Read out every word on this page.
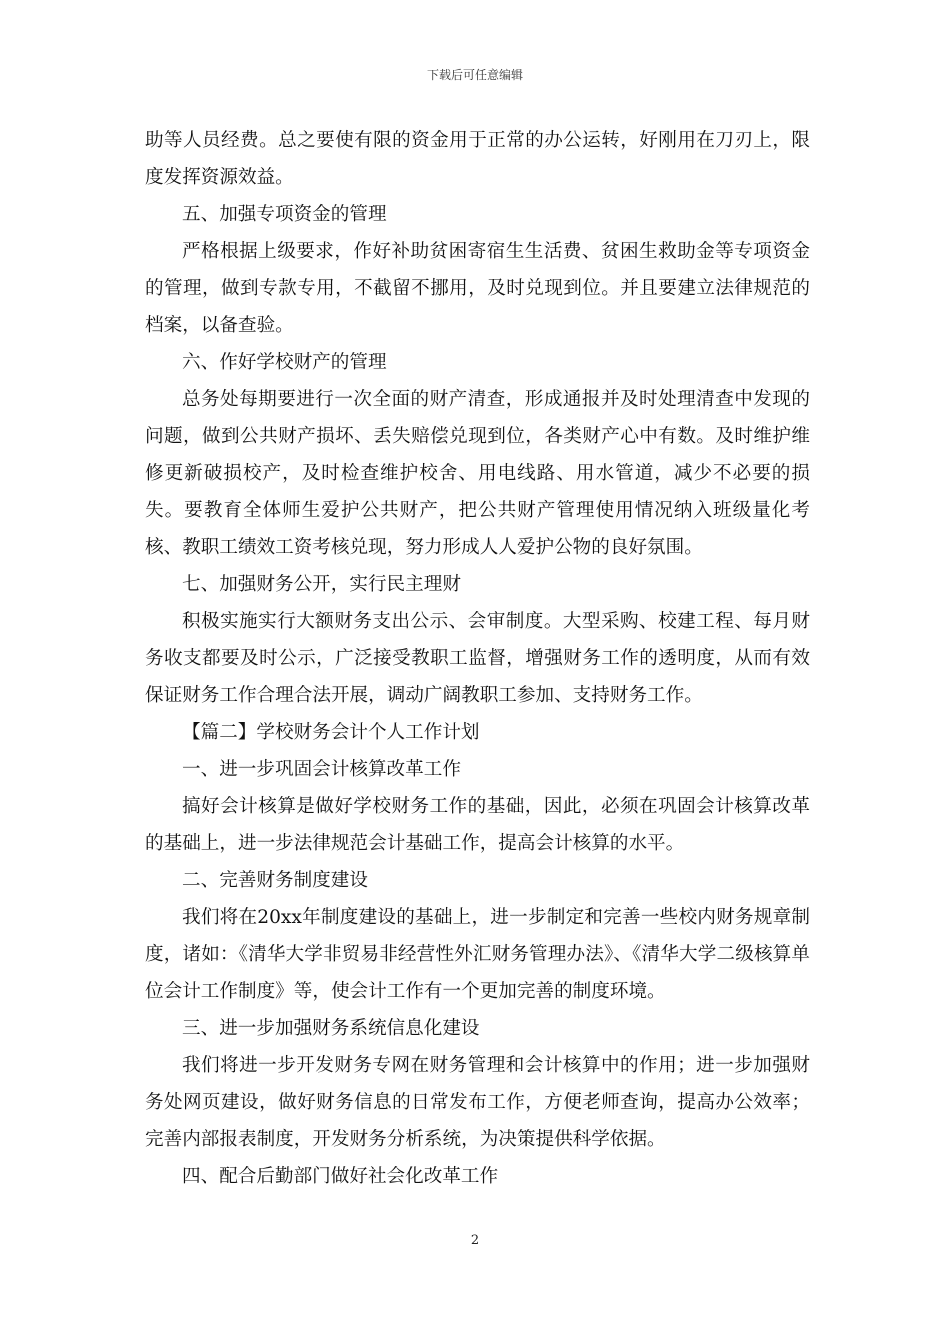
下载后可任意编辑

助等人员经费。总之要使有限的资金用于正常的办公运转，好刚用在刀刃上，限度发挥资源效益。

五、加强专项资金的管理

严格根据上级要求，作好补助贫困寄宿生生活费、贫困生救助金等专项资金的管理，做到专款专用，不截留不挪用，及时兑现到位。并且要建立法律规范的档案，以备查验。

六、作好学校财产的管理

总务处每期要进行一次全面的财产清查，形成通报并及时处理清查中发现的问题，做到公共财产损坏、丢失赔偿兑现到位，各类财产心中有数。及时维护维修更新破损校产，及时检查维护校舍、用电线路、用水管道，减少不必要的损失。要教育全体师生爱护公共财产，把公共财产管理使用情况纳入班级量化考核、教职工绩效工资考核兑现，努力形成人人爱护公物的良好氛围。

七、加强财务公开，实行民主理财

积极实施实行大额财务支出公示、会审制度。大型采购、校建工程、每月财务收支都要及时公示，广泛接受教职工监督，增强财务工作的透明度，从而有效保证财务工作合理合法开展，调动广阔教职工参加、支持财务工作。

【篇二】学校财务会计个人工作计划

一、进一步巩固会计核算改革工作

搞好会计核算是做好学校财务工作的基础，因此，必须在巩固会计核算改革的基础上，进一步法律规范会计基础工作，提高会计核算的水平。

二、完善财务制度建设

我们将在20xx年制度建设的基础上，进一步制定和完善一些校内财务规章制度，诸如：《清华大学非贸易非经营性外汇财务管理办法》、《清华大学二级核算单位会计工作制度》等，使会计工作有一个更加完善的制度环境。

三、进一步加强财务系统信息化建设

我们将进一步开发财务专网在财务管理和会计核算中的作用；进一步加强财务处网页建设，做好财务信息的日常发布工作，方便老师查询，提高办公效率；完善内部报表制度，开发财务分析系统，为决策提供科学依据。

四、配合后勤部门做好社会化改革工作

2
